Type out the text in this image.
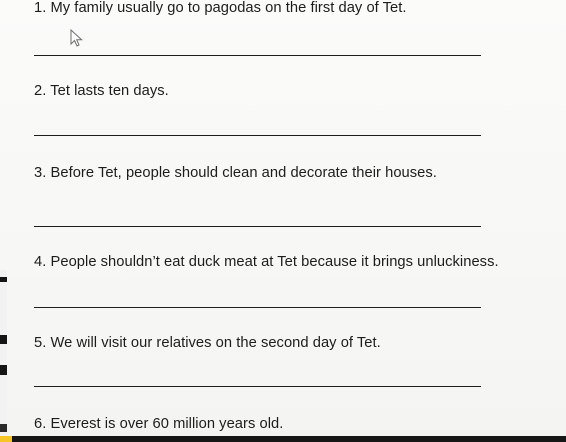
1. My family usually go to pagodas on the first day of Tet.
2. Tet lasts ten days.
3. Before Tet, people should clean and decorate their houses.
4. People shouldn’t eat duck meat at Tet because it brings unluckiness.
5. We will visit our relatives on the second day of Tet.
6. Everest is over 60 million years old.
